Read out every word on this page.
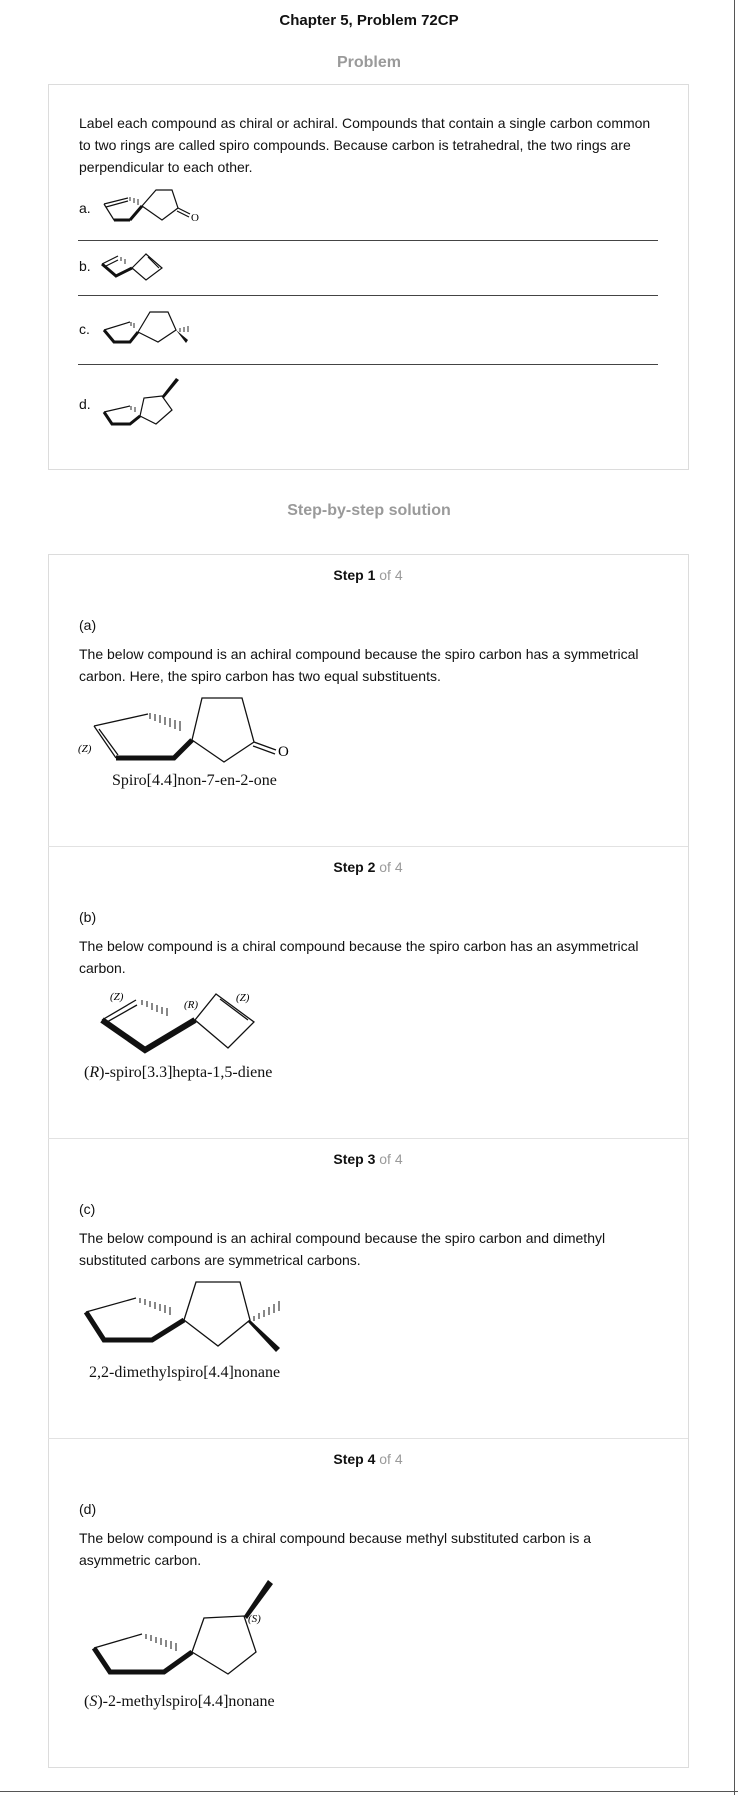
Chapter 5, Problem 72CP
Problem
Label each compound as chiral or achiral. Compounds that contain a single carbon common to two rings are called spiro compounds. Because carbon is tetrahedral, the two rings are perpendicular to each other.
a.
O
b.
c.
d.
Step-by-step solution
Step 1 of 4
(a)
The below compound is an achiral compound because the spiro carbon has a symmetrical carbon. Here, the spiro carbon has two equal substituents.
(Z)	O
Spiro[4.4]non-7-en-2-one
Step 2 of 4
(b)
The below compound is a chiral compound because the spiro carbon has an asymmetrical carbon.
(Z)
(R)
(Z)
(R)-spiro[3.3]hepta-1,5-diene
Step 3 of 4
(c)
The below compound is an achiral compound because the spiro carbon and dimethyl substituted carbons are symmetrical carbons.
2,2-dimethylspiro[4.4]nonane
Step 4 of 4
(d)
The below compound is a chiral compound because methyl substituted carbon is a asymmetric carbon.
(S)
(S)-2-methylspiro[4.4]nonane
